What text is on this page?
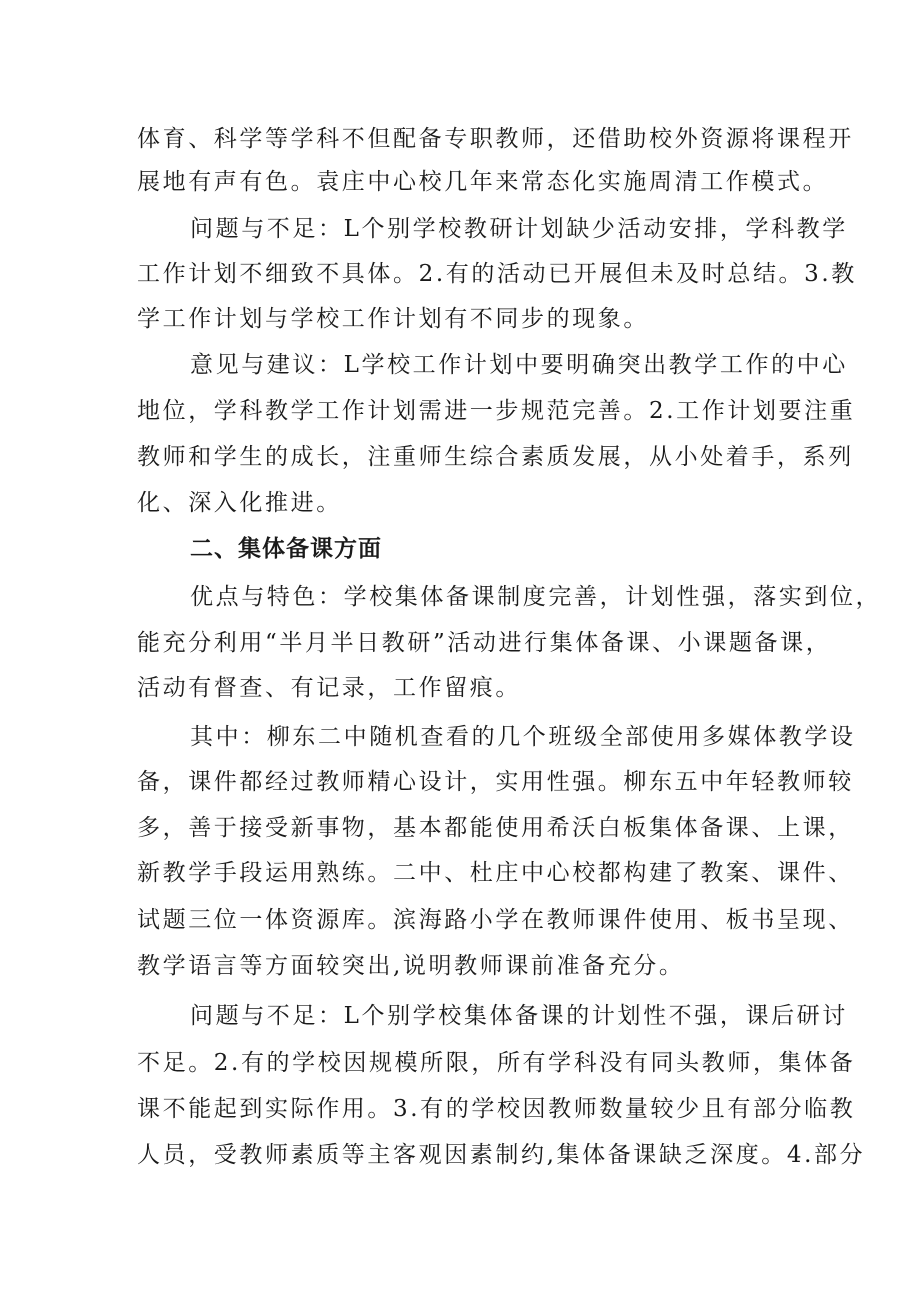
体育、科学等学科不但配备专职教师，还借助校外资源将课程开
展地有声有色。袁庄中心校几年来常态化实施周清工作模式。
问题与不足：L个别学校教研计划缺少活动安排，学科教学
工作计划不细致不具体。2.有的活动已开展但未及时总结。3.教
学工作计划与学校工作计划有不同步的现象。
意见与建议：L学校工作计划中要明确突出教学工作的中心
地位，学科教学工作计划需进一步规范完善。2.工作计划要注重
教师和学生的成长，注重师生综合素质发展，从小处着手，系列
化、深入化推进。
二、集体备课方面
优点与特色：学校集体备课制度完善，计划性强，落实到位，
能充分利用“半月半日教研”活动进行集体备课、小课题备课，
活动有督查、有记录，工作留痕。
其中：柳东二中随机查看的几个班级全部使用多媒体教学设
备，课件都经过教师精心设计，实用性强。柳东五中年轻教师较
多，善于接受新事物，基本都能使用希沃白板集体备课、上课，
新教学手段运用熟练。二中、杜庄中心校都构建了教案、课件、
试题三位一体资源库。滨海路小学在教师课件使用、板书呈现、
教学语言等方面较突出,说明教师课前准备充分。
问题与不足：L个别学校集体备课的计划性不强，课后研讨
不足。2.有的学校因规模所限，所有学科没有同头教师，集体备
课不能起到实际作用。3.有的学校因教师数量较少且有部分临教
人员，受教师素质等主客观因素制约,集体备课缺乏深度。4.部分
